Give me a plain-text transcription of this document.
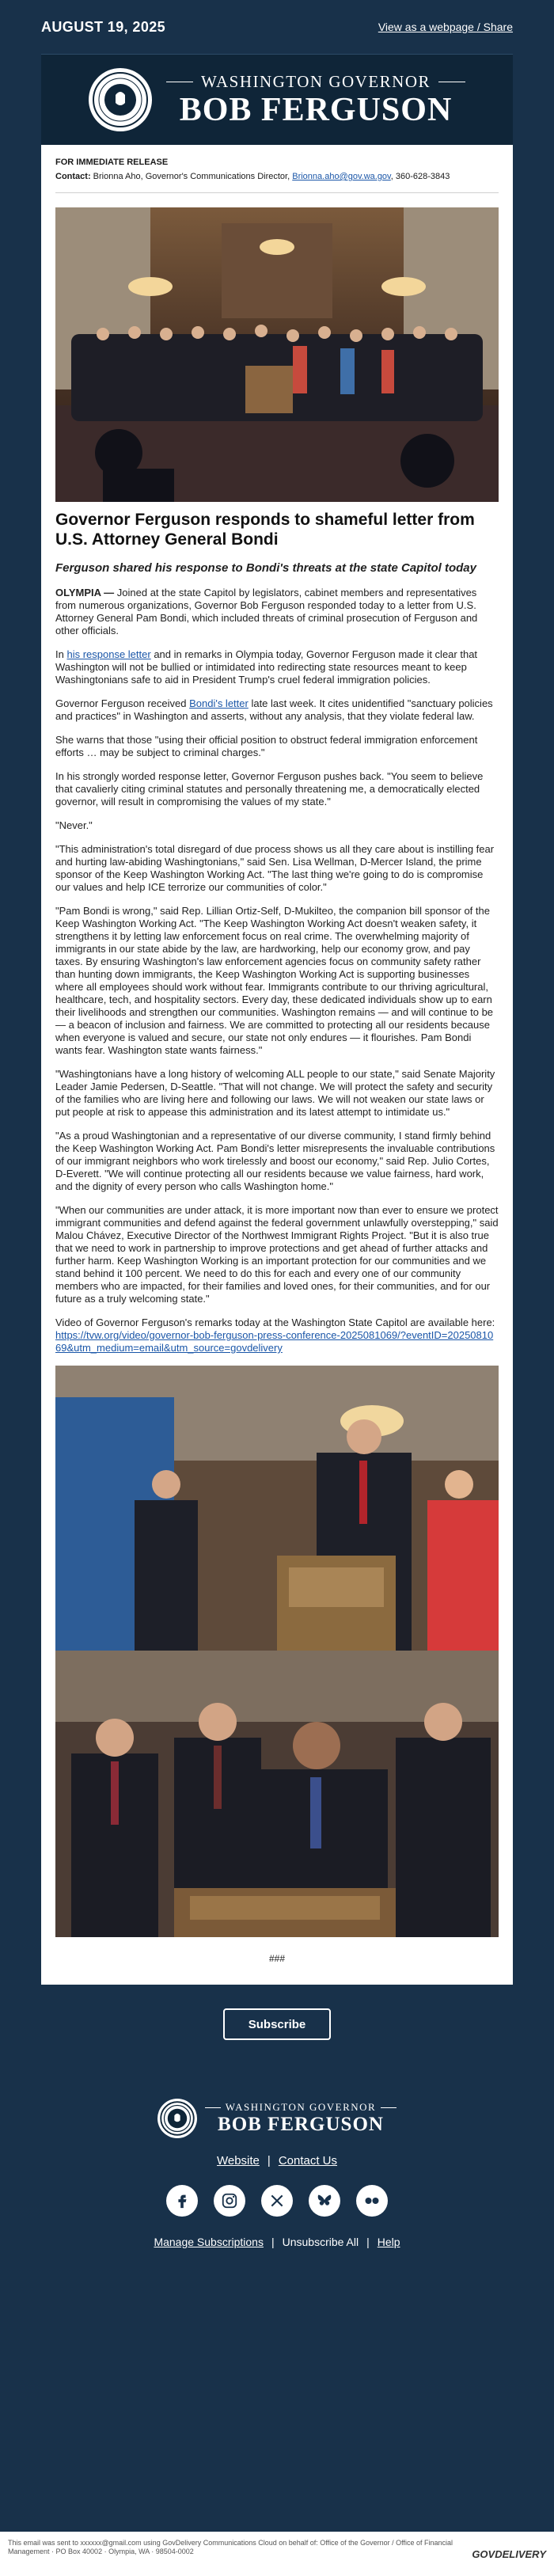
AUGUST 19, 2025	View as a webpage / Share
WASHINGTON GOVERNOR
BOB FERGUSON
FOR IMMEDIATE RELEASE
Contact: Brionna Aho, Governor's Communications Director, Brionna.aho@gov.wa.gov, 360-628-3843
Governor Ferguson responds to shameful letter from U.S. Attorney General Bondi
Ferguson shared his response to Bondi's threats at the state Capitol today

OLYMPIA — Joined at the state Capitol by legislators, cabinet members and representatives from numerous organizations, Governor Bob Ferguson responded today to a letter from U.S. Attorney General Pam Bondi, which included threats of criminal prosecution of Ferguson and other officials.

In his response letter and in remarks in Olympia today, Governor Ferguson made it clear that Washington will not be bullied or intimidated into redirecting state resources meant to keep Washingtonians safe to aid in President Trump's cruel federal immigration policies.

Governor Ferguson received Bondi's letter late last week. It cites unidentified "sanctuary policies and practices" in Washington and asserts, without any analysis, that they violate federal law.

She warns that those "using their official position to obstruct federal immigration enforcement efforts … may be subject to criminal charges."

In his strongly worded response letter, Governor Ferguson pushes back. "You seem to believe that cavalierly citing criminal statutes and personally threatening me, a democratically elected governor, will result in compromising the values of my state."

"Never."

"This administration's total disregard of due process shows us all they care about is instilling fear and hurting law-abiding Washingtonians," said Sen. Lisa Wellman, D-Mercer Island, the prime sponsor of the Keep Washington Working Act. "The last thing we're going to do is compromise our values and help ICE terrorize our communities of color."

"Pam Bondi is wrong," said Rep. Lillian Ortiz-Self, D-Mukilteo, the companion bill sponsor of the Keep Washington Working Act. "The Keep Washington Working Act doesn't weaken safety, it strengthens it by letting law enforcement focus on real crime. The overwhelming majority of immigrants in our state abide by the law, are hardworking, help our economy grow, and pay taxes. By ensuring Washington's law enforcement agencies focus on community safety rather than hunting down immigrants, the Keep Washington Working Act is supporting businesses where all employees should work without fear. Immigrants contribute to our thriving agricultural, healthcare, tech, and hospitality sectors. Every day, these dedicated individuals show up to earn their livelihoods and strengthen our communities. Washington remains — and will continue to be — a beacon of inclusion and fairness. We are committed to protecting all our residents because when everyone is valued and secure, our state not only endures — it flourishes. Pam Bondi wants fear. Washington state wants fairness."

"Washingtonians have a long history of welcoming ALL people to our state," said Senate Majority Leader Jamie Pedersen, D-Seattle. "That will not change. We will protect the safety and security of the families who are living here and following our laws. We will not weaken our state laws or put people at risk to appease this administration and its latest attempt to intimidate us."

"As a proud Washingtonian and a representative of our diverse community, I stand firmly behind the Keep Washington Working Act. Pam Bondi's letter misrepresents the invaluable contributions of our immigrant neighbors who work tirelessly and boost our economy," said Rep. Julio Cortes, D-Everett. "We will continue protecting all our residents because we value fairness, hard work, and the dignity of every person who calls Washington home."

"When our communities are under attack, it is more important now than ever to ensure we protect immigrant communities and defend against the federal government unlawfully overstepping," said Malou Chávez, Executive Director of the Northwest Immigrant Rights Project. "But it is also true that we need to work in partnership to improve protections and get ahead of further attacks and further harm. Keep Washington Working is an important protection for our communities and we stand behind it 100 percent. We need to do this for each and every one of our community members who are impacted, for their families and loved ones, for their communities, and for our future as a truly welcoming state."

Video of Governor Ferguson's remarks today at the Washington State Capitol are available here: https://tvw.org/video/governor-bob-ferguson-press-conference-2025081069/?eventID=2025081069&utm_medium=email&utm_source=govdelivery

###
Subscribe
WASHINGTON GOVERNOR
BOB FERGUSON
Website | Contact Us
Manage Subscriptions | Unsubscribe All | Help
This email was sent to xxxxxx@gmail.com using GovDelivery Communications Cloud on behalf of: Office of the Governor / Office of Financial Management · PO Box 40002 · Olympia, WA · 98504-0002	GOVDELIVERY
